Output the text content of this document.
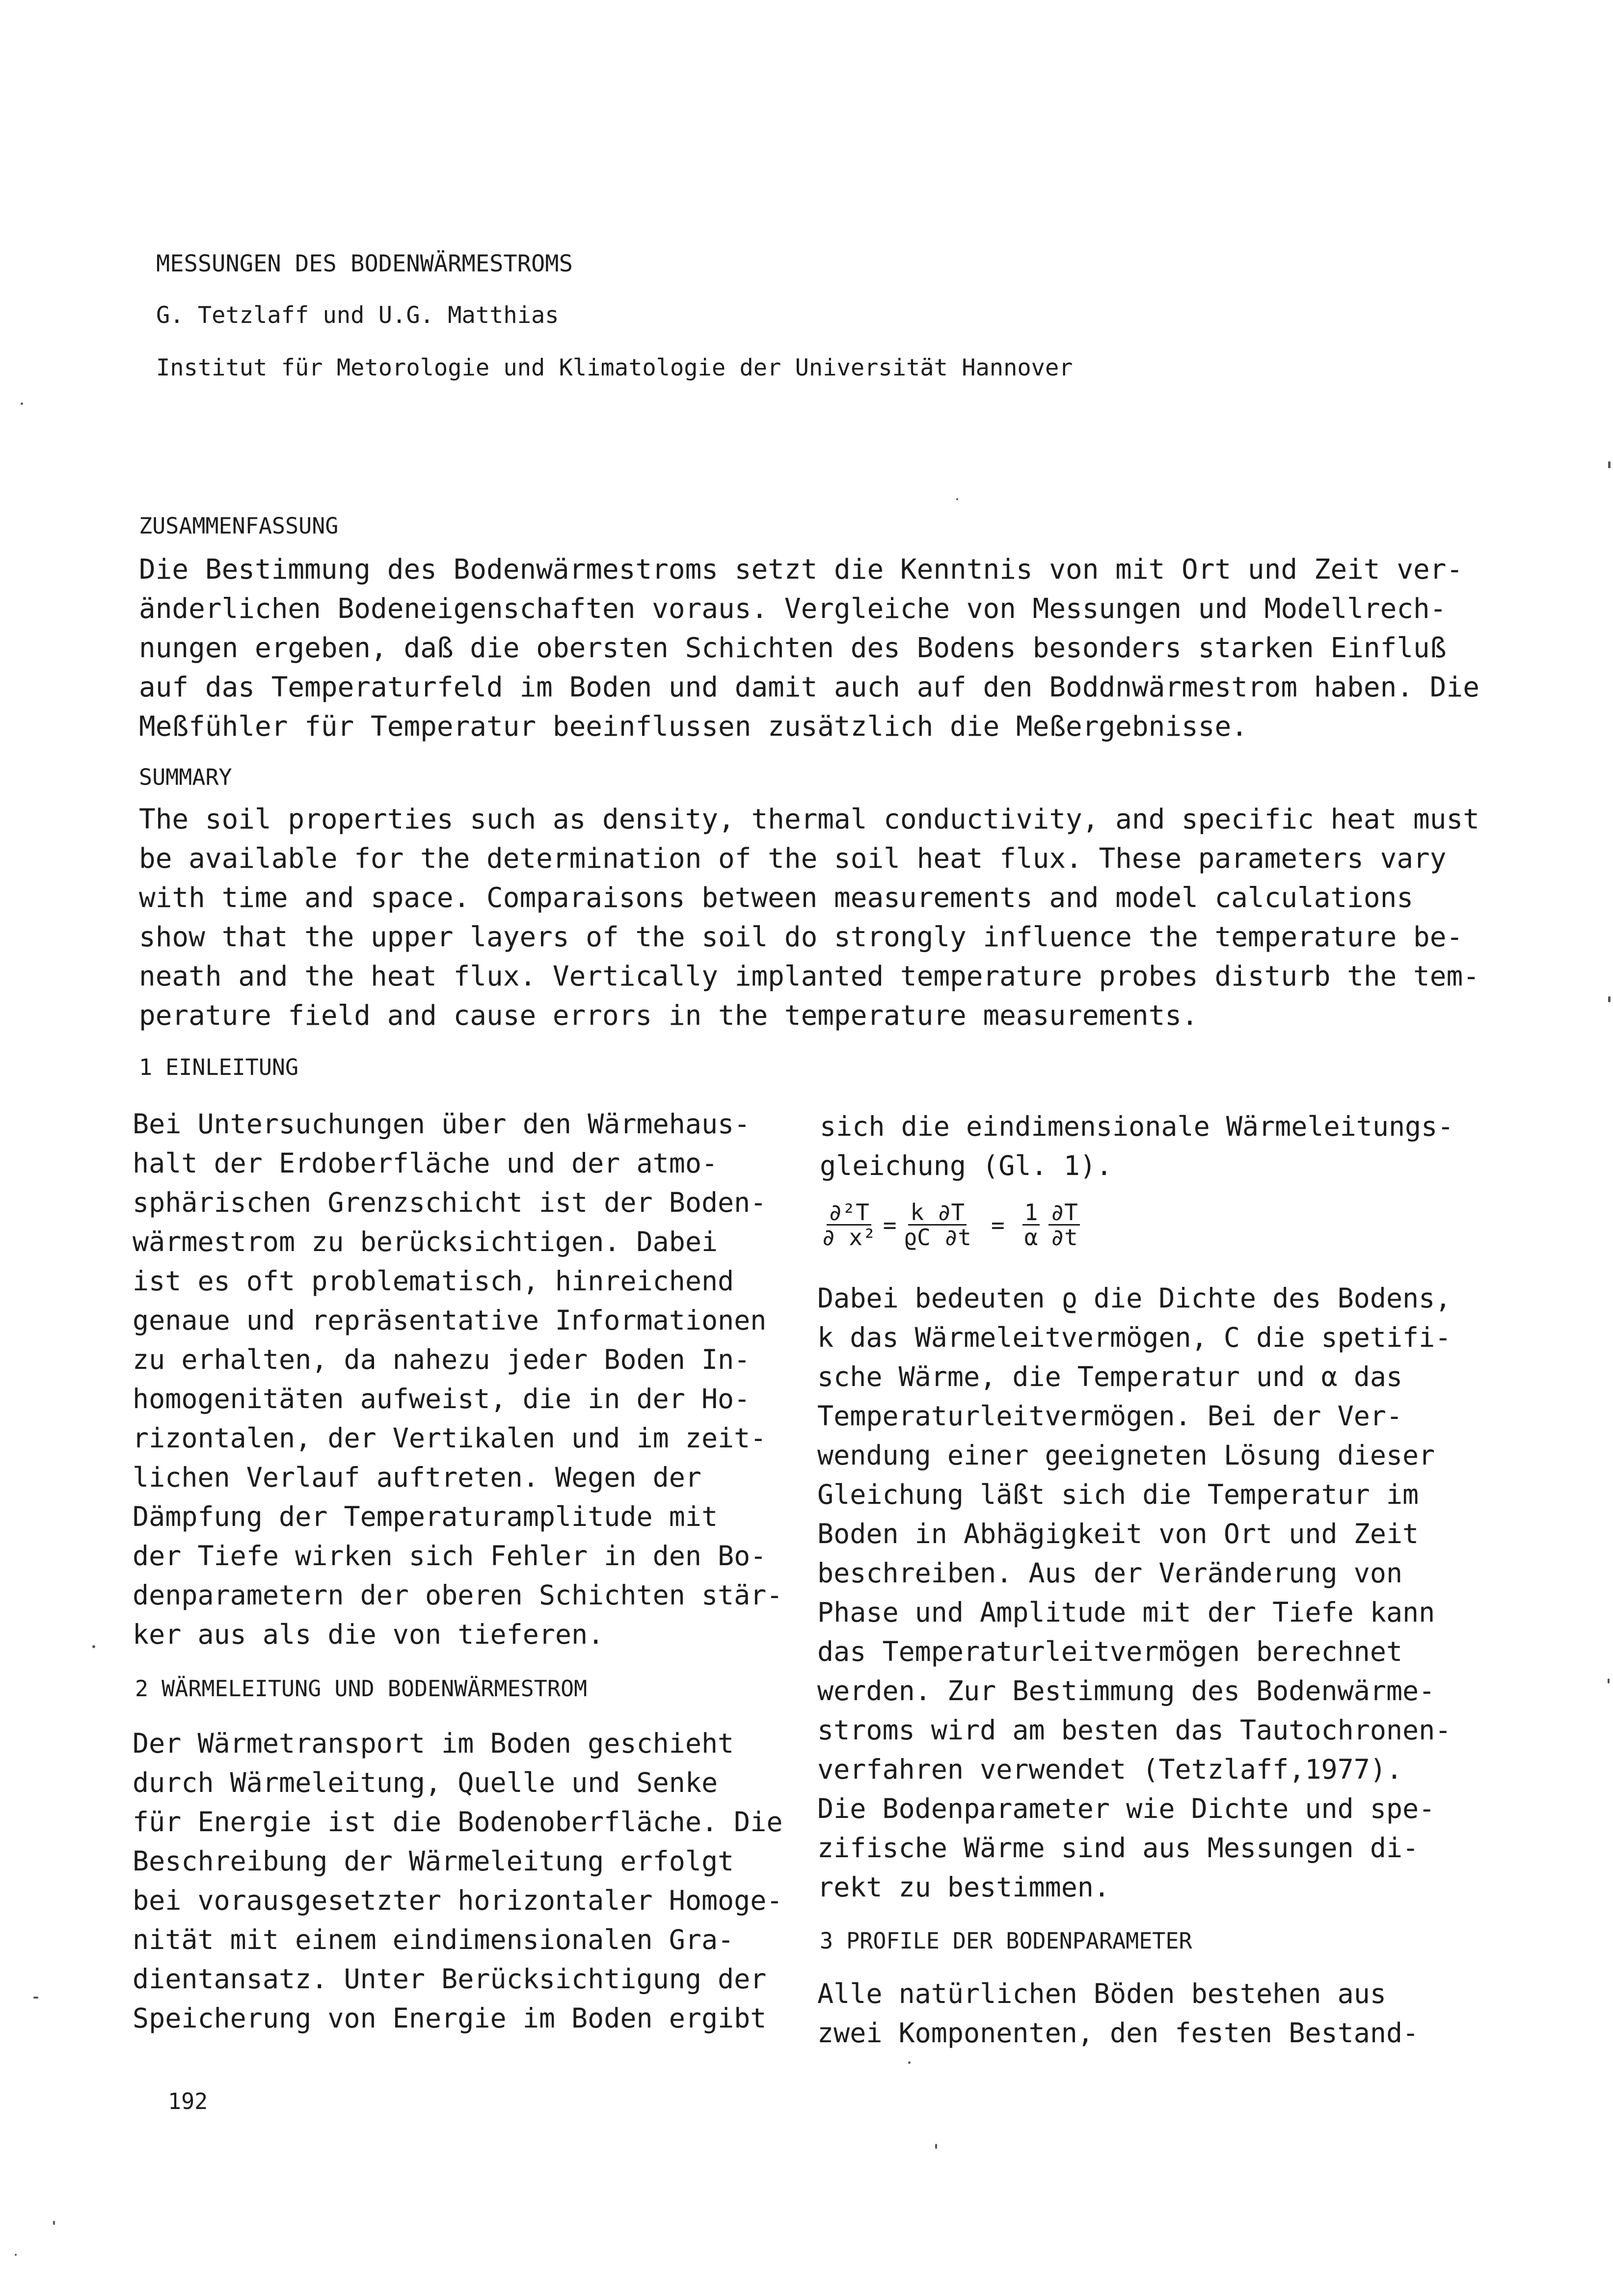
MESSUNGEN DES BODENWÄRMESTROMS
G. Tetzlaff und U.G. Matthias
Institut für Metorologie und Klimatologie der Universität Hannover
ZUSAMMENFASSUNG
Die Bestimmung des Bodenwärmestroms setzt die Kenntnis von mit Ort und Zeit ver-
änderlichen Bodeneigenschaften voraus. Vergleiche von Messungen und Modellrech-
nungen ergeben, daß die obersten Schichten des Bodens besonders starken Einfluß
auf das Temperaturfeld im Boden und damit auch auf den Boddnwärmestrom haben. Die
Meßfühler für Temperatur beeinflussen zusätzlich die Meßergebnisse.
SUMMARY
The soil properties such as density, thermal conductivity, and specific heat must
be available for the determination of the soil heat flux. These parameters vary
with time and space. Comparaisons between measurements and model calculations
show that the upper layers of the soil do strongly influence the temperature be-
neath and the heat flux. Vertically implanted temperature probes disturb the tem-
perature field and cause errors in the temperature measurements.
1 EINLEITUNG
Bei Untersuchungen über den Wärmehaus-
halt der Erdoberfläche und der atmo-
sphärischen Grenzschicht ist der Boden-
wärmestrom zu berücksichtigen. Dabei
ist es oft problematisch, hinreichend
genaue und repräsentative Informationen
zu erhalten, da nahezu jeder Boden In-
homogenitäten aufweist, die in der Ho-
rizontalen, der Vertikalen und im zeit-
lichen Verlauf auftreten. Wegen der
Dämpfung der Temperaturamplitude mit
der Tiefe wirken sich Fehler in den Bo-
denparametern der oberen Schichten stär-
ker aus als die von tieferen.
2 WÄRMELEITUNG UND BODENWÄRMESTROM
Der Wärmetransport im Boden geschieht
durch Wärmeleitung, Quelle und Senke
für Energie ist die Bodenoberfläche. Die
Beschreibung der Wärmeleitung erfolgt
bei vorausgesetzter horizontaler Homoge-
nität mit einem eindimensionalen Gra-
dientansatz. Unter Berücksichtigung der
Speicherung von Energie im Boden ergibt
sich die eindimensionale Wärmeleitungs-
gleichung (Gl. 1).
$\frac{\text{∂²T}}{\text{∂ x²}} = \frac{k \partial T}{ϱC \partial t} = \frac{1}{\alpha} \frac{\partial T}{\partial t}$
Dabei bedeuten ϱ die Dichte des Bodens,
k das Wärmeleitvermögen, C die spetifi-
sche Wärme, die Temperatur und α das
Temperaturleitvermögen. Bei der Ver-
wendung einer geeigneten Lösung dieser
Gleichung läßt sich die Temperatur im
Boden in Abhägigkeit von Ort und Zeit
beschreiben. Aus der Veränderung von
Phase und Amplitude mit der Tiefe kann
das Temperaturleitvermögen berechnet
werden. Zur Bestimmung des Bodenwärme-
stroms wird am besten das Tautochronen-
verfahren verwendet (Tetzlaff,1977).
Die Bodenparameter wie Dichte und spe-
zifische Wärme sind aus Messungen di-
rekt zu bestimmen.
3 PROFILE DER BODENPARAMETER
Alle natürlichen Böden bestehen aus
zwei Komponenten, den festen Bestand-
192
